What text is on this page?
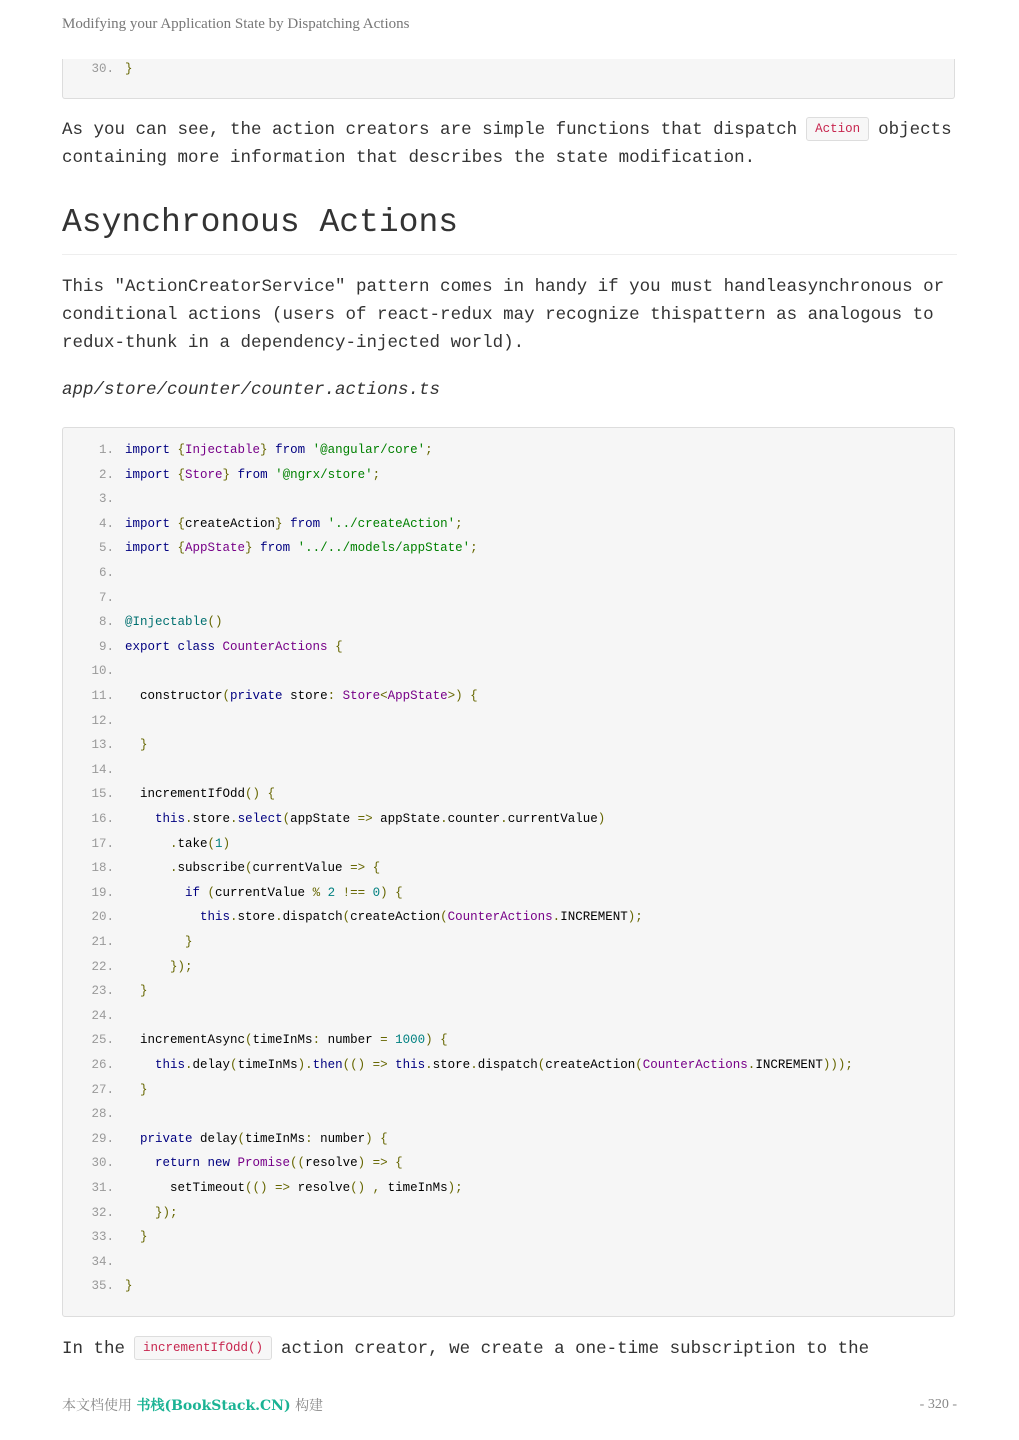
Modifying your Application State by Dispatching Actions
30. }

As you can see, the action creators are simple functions that dispatch Action objects containing more information that describes the state modification.

Asynchronous Actions

This "ActionCreatorService" pattern comes in handy if you must handleasynchronous or conditional actions (users of react-redux may recognize thispattern as analogous to redux-thunk in a dependency-injected world).

app/store/counter/counter.actions.ts
1. import {Injectable} from '@angular/core';
2. import {Store} from '@ngrx/store';
3.
4. import {createAction} from '../createAction';
5. import {AppState} from '../../models/appState';
6.
7.
8. @Injectable()
9. export class CounterActions {
10.
11. constructor(private store: Store<AppState>) {
12.
13. }
14.
15. incrementIfOdd() {
16. this.store.select(appState => appState.counter.currentValue)
17. .take(1)
18. .subscribe(currentValue => {
19. if (currentValue % 2 !== 0) {
20. this.store.dispatch(createAction(CounterActions.INCREMENT);
21. }
22. });
23. }
24.
25. incrementAsync(timeInMs: number = 1000) {
26. this.delay(timeInMs).then(() => this.store.dispatch(createAction(CounterActions.INCREMENT)));
27. }
28.
29. private delay(timeInMs: number) {
30. return new Promise((resolve) => {
31. setTimeout(() => resolve() , timeInMs);
32. });
33. }
34.
35. }

In the incrementIfOdd() action creator, we create a one-time subscription to the

本文档使用 书栈(BookStack.CN) 构建	- 320 -
